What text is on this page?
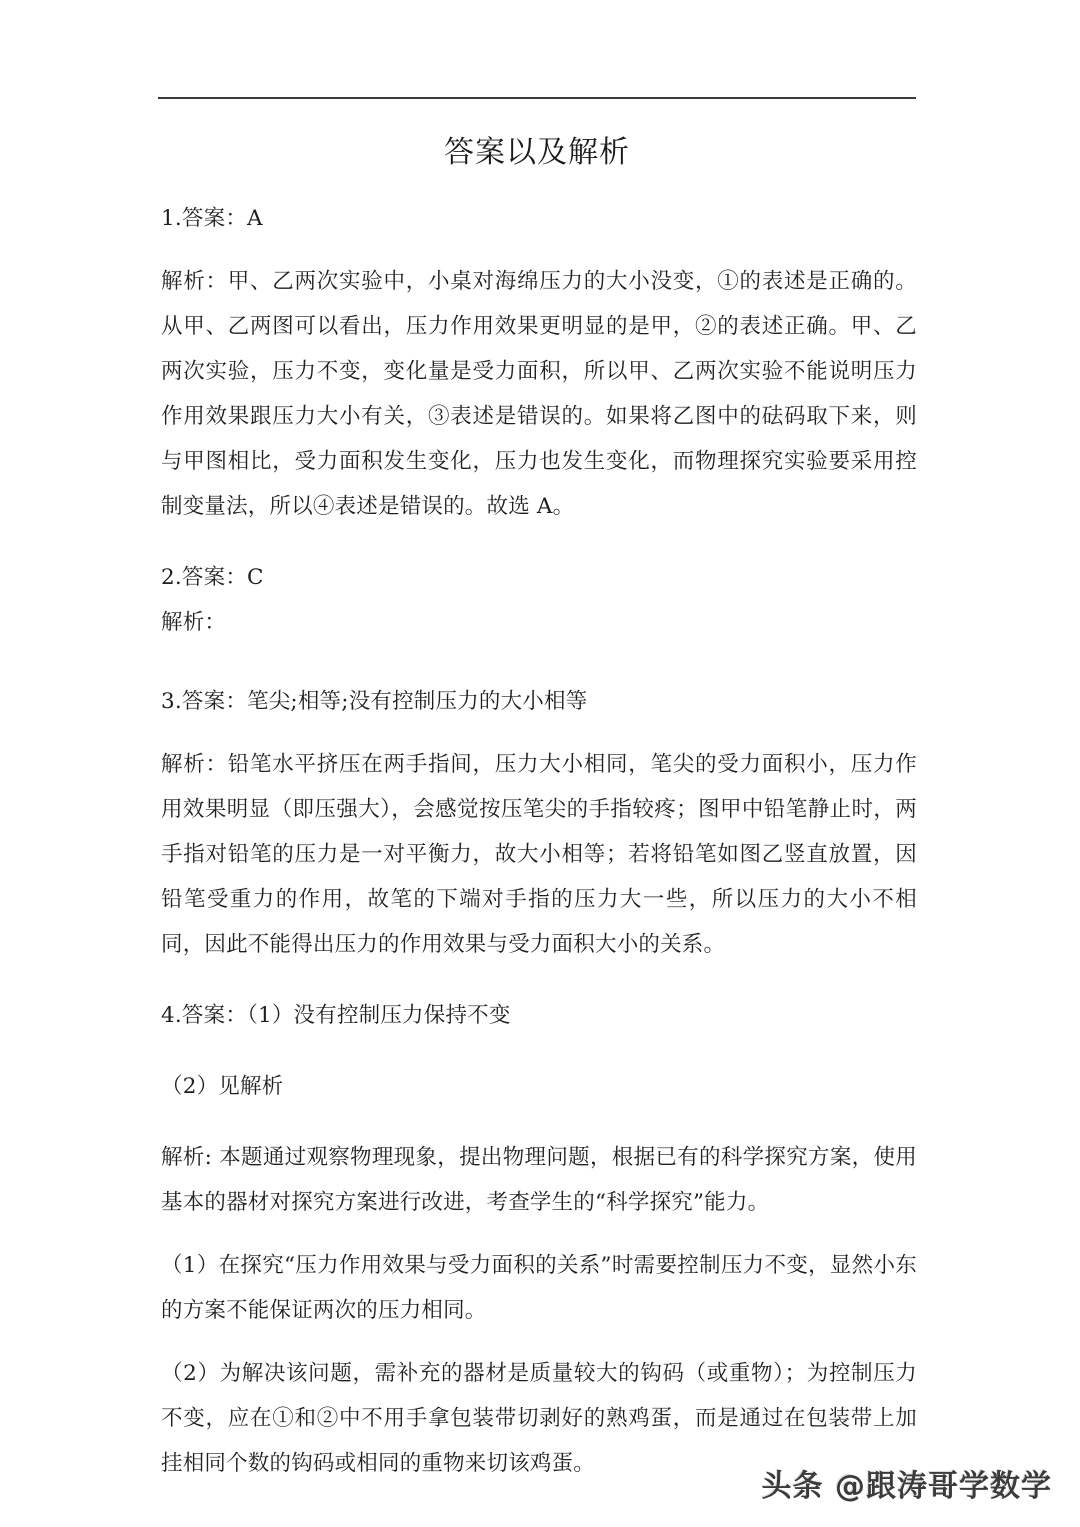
答案以及解析

1.答案：A

解析：甲、乙两次实验中，小桌对海绵压力的大小没变，①的表述是正确的。从甲、乙两图可以看出，压力作用效果更明显的是甲，②的表述正确。甲、乙两次实验，压力不变，变化量是受力面积，所以甲、乙两次实验不能说明压力作用效果跟压力大小有关，③表述是错误的。如果将乙图中的砝码取下来，则与甲图相比，受力面积发生变化，压力也发生变化，而物理探究实验要采用控制变量法，所以④表述是错误的。故选 A。

2.答案：C

解析：

3.答案：笔尖;相等;没有控制压力的大小相等

解析：铅笔水平挤压在两手指间，压力大小相同，笔尖的受力面积小，压力作用效果明显（即压强大），会感觉按压笔尖的手指较疼；图甲中铅笔静止时，两手指对铅笔的压力是一对平衡力，故大小相等；若将铅笔如图乙竖直放置，因铅笔受重力的作用，故笔的下端对手指的压力大一些，所以压力的大小不相同，因此不能得出压力的作用效果与受力面积大小的关系。

4.答案：（1）没有控制压力保持不变

（2）见解析

解析: 本题通过观察物理现象，提出物理问题，根据已有的科学探究方案，使用基本的器材对探究方案进行改进，考查学生的“科学探究”能力。

（1）在探究“压力作用效果与受力面积的关系”时需要控制压力不变，显然小东的方案不能保证两次的压力相同。

（2）为解决该问题，需补充的器材是质量较大的钩码（或重物）；为控制压力不变，应在①和②中不用手拿包装带切剥好的熟鸡蛋，而是通过在包装带上加挂相同个数的钩码或相同的重物来切该鸡蛋。

头条 @跟涛哥学数学
